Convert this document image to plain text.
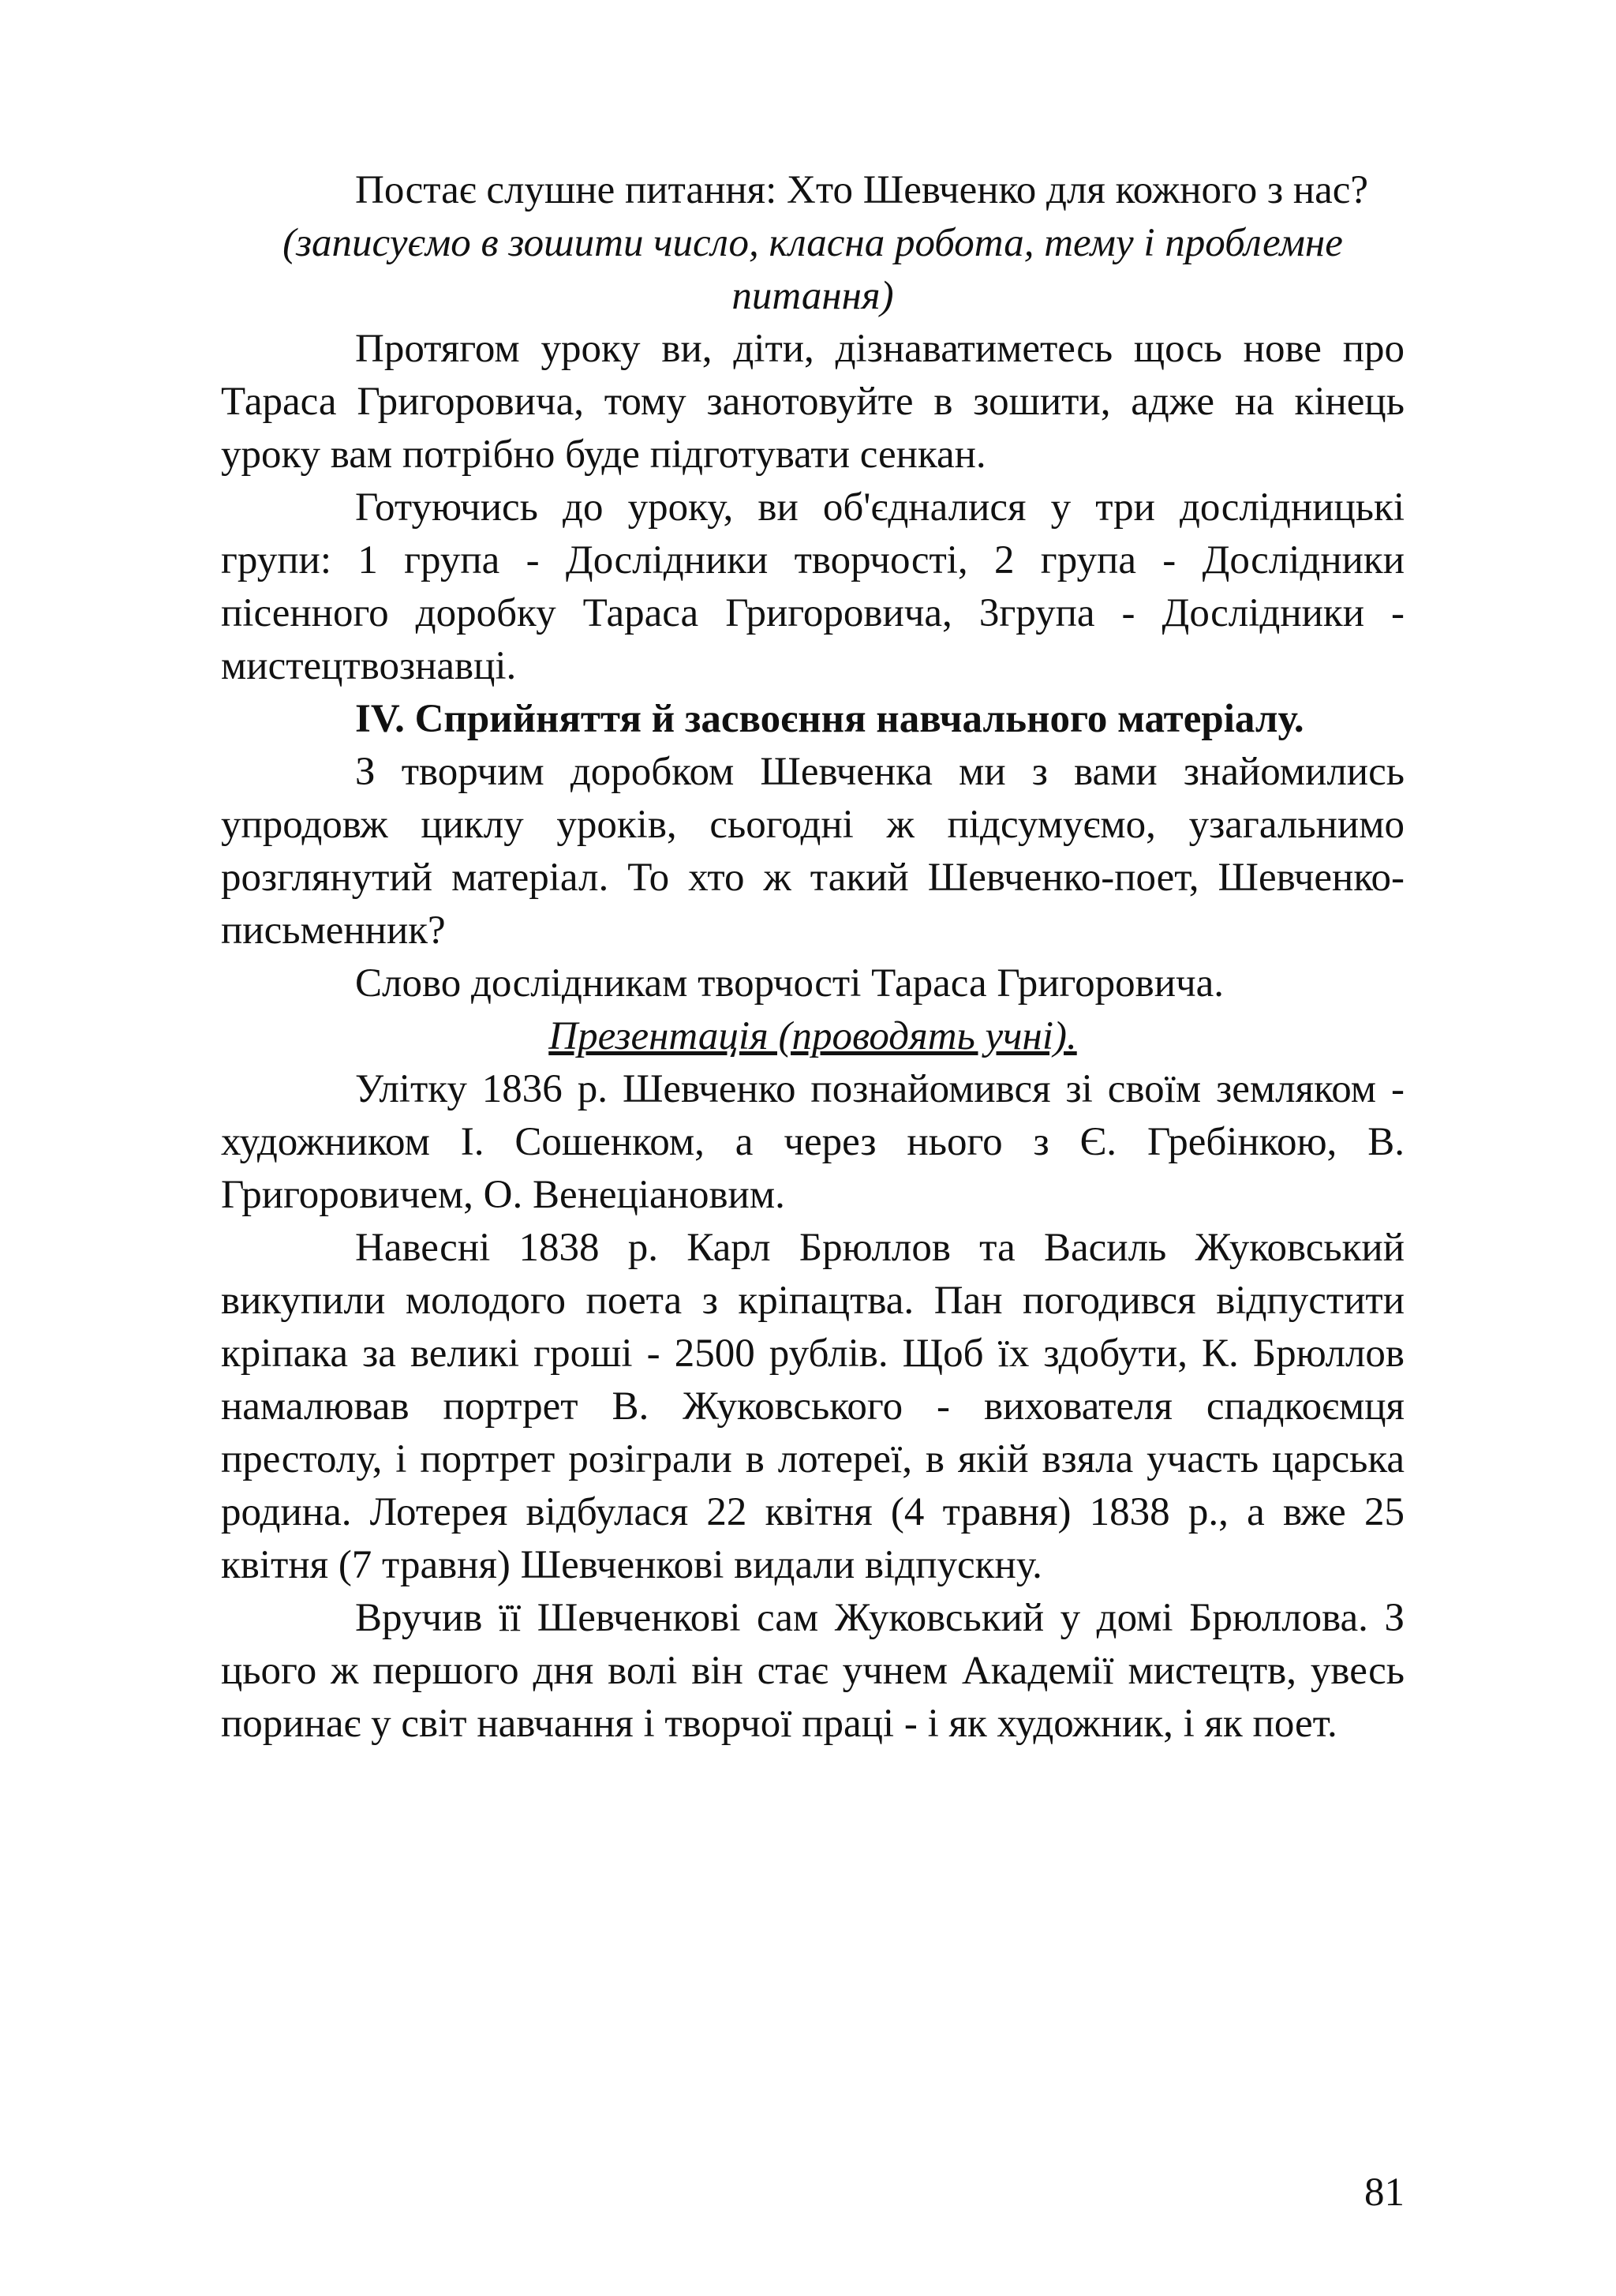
Постає слушне питання: Хто Шевченко для кожного з нас?

(записуємо в зошити число, класна робота, тему і проблемне питання)

Протягом уроку ви, діти, дізнаватиметесь щось нове про Тараса Григоровича, тому занотовуйте в зошити, адже на кінець уроку вам потрібно буде підготувати сенкан.

Готуючись до уроку, ви об'єдналися у три дослідницькі групи: 1 група - Дослідники творчості, 2 група - Дослідники пісенного доробку Тараса Григоровича, 3група - Дослідники - мистецтвознавці.

IV. Сприйняття й засвоєння навчального матеріалу.

З творчим доробком Шевченка ми з вами знайомились упродовж циклу уроків, сьогодні ж підсумуємо, узагальнимо розглянутий матеріал. То хто ж такий Шевченко-поет, Шевченко-письменник?

Слово дослідникам творчості Тараса Григоровича.

Презентація (проводять учні).

Улітку 1836 р. Шевченко познайомився зі своїм земляком - художником І. Сошенком, а через нього з Є. Гребінкою, В. Григоровичем, О. Венеціановим.

Навесні 1838 р. Карл Брюллов та Василь Жуковський викупили молодого поета з кріпацтва. Пан погодився відпустити кріпака за великі гроші - 2500 рублів. Щоб їх здобути, К. Брюллов намалював портрет В. Жуковського - вихователя спадкоємця престолу, і портрет розіграли в лотереї, в якій взяла участь царська родина. Лотерея відбулася 22 квітня (4 травня) 1838 р., а вже 25 квітня (7 травня) Шевченкові видали відпускну.

Вручив її Шевченкові сам Жуковський у домі Брюллова. З цього ж першого дня волі він стає учнем Академії мистецтв, увесь поринає у світ навчання і творчої праці - і як художник, і як поет.

81
